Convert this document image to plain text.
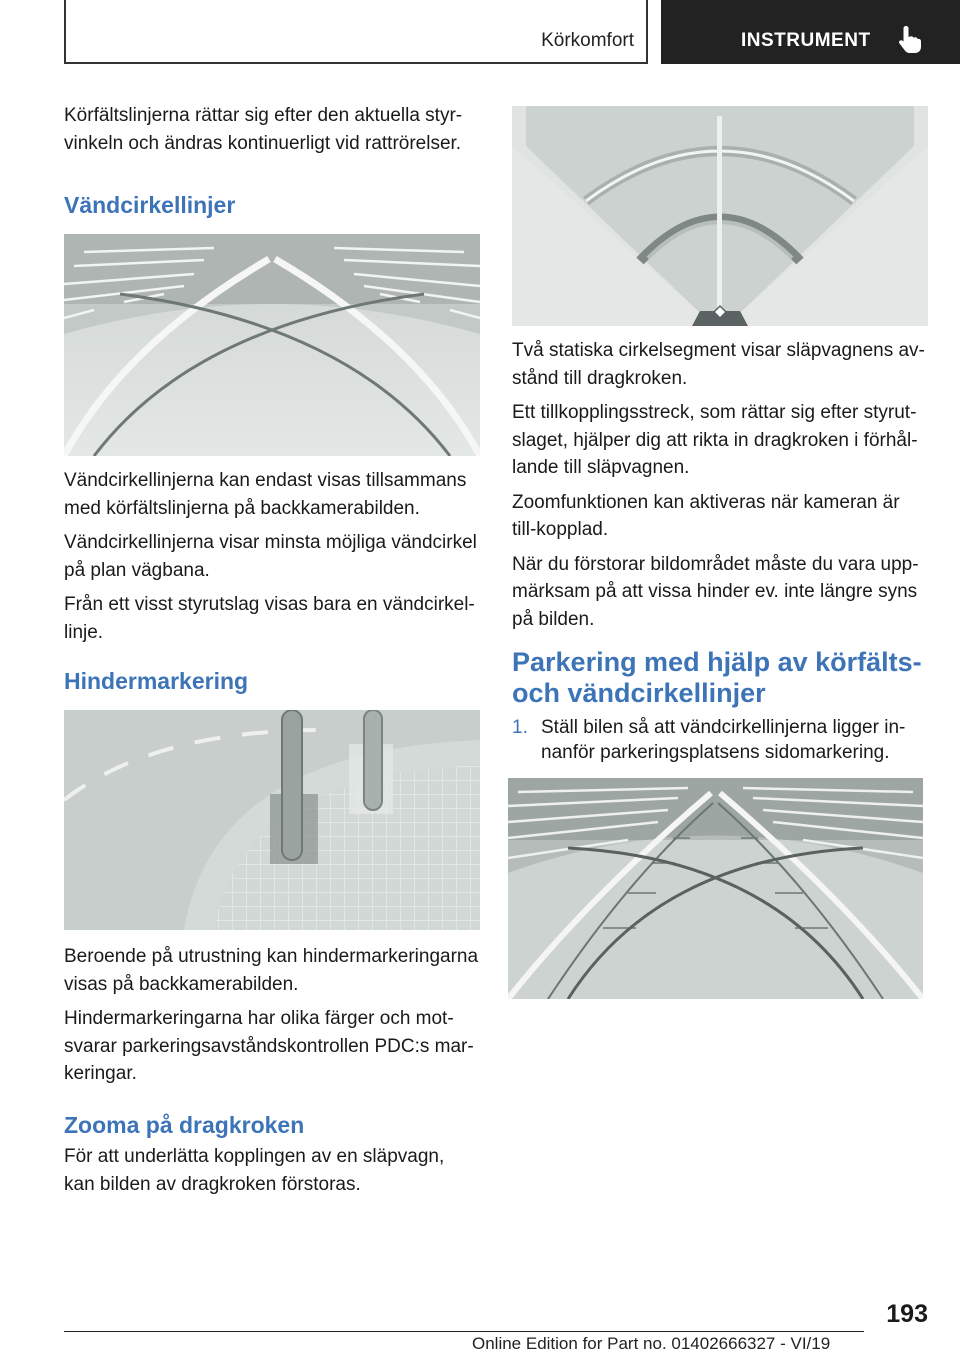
Körkomfort	INSTRUMENT

Körfältslinjerna rättar sig efter den aktuella styr-vinkeln och ändras kontinuerligt vid rattrörelser.

Vändcirkellinjer

Vändcirkellinjerna kan endast visas tillsammans med körfältslinjerna på backkamerabilden.

Vändcirkellinjerna visar minsta möjliga vändcirkel på plan vägbana.

Från ett visst styrutslag visas bara en vändcirkel-linje.

Hindermarkering

Beroende på utrustning kan hindermarkeringarna visas på backkamerabilden.

Hindermarkeringarna har olika färger och mot-svarar parkeringsavståndskontrollen PDC:s mar-keringar.

Zooma på dragkroken

För att underlätta kopplingen av en släpvagn, kan bilden av dragkroken förstoras.

Två statiska cirkelsegment visar släpvagnens av-stånd till dragkroken.

Ett tillkopplingsstreck, som rättar sig efter styrut-slaget, hjälper dig att rikta in dragkroken i förhål-lande till släpvagnen.

Zoomfunktionen kan aktiveras när kameran är till-kopplad.

När du förstorar bildområdet måste du vara upp-märksam på att vissa hinder ev. inte längre syns på bilden.

Parkering med hjälp av körfälts-
och vändcirkellinjer
1. Ställ bilen så att vändcirkellinjerna ligger in-nanför parkeringsplatsens sidomarkering.
193
Online Edition for Part no. 01402666327 - VI/19
